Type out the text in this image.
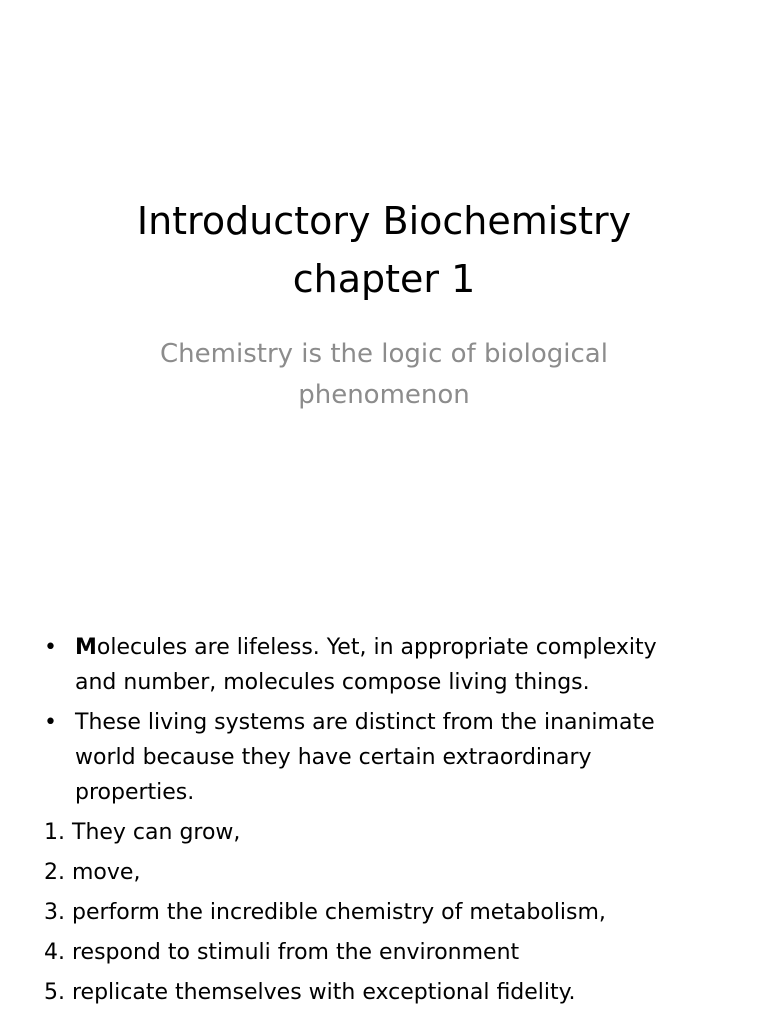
Introductory Biochemistry
chapter 1

Chemistry is the logic of biological
phenomenon

• Molecules are lifeless. Yet, in appropriate complexity and number, molecules compose living things.
• These living systems are distinct from the inanimate world because they have certain extraordinary properties.
1. They can grow,
2. move,
3. perform the incredible chemistry of metabolism,
4. respond to stimuli from the environment
5. replicate themselves with exceptional fidelity.
